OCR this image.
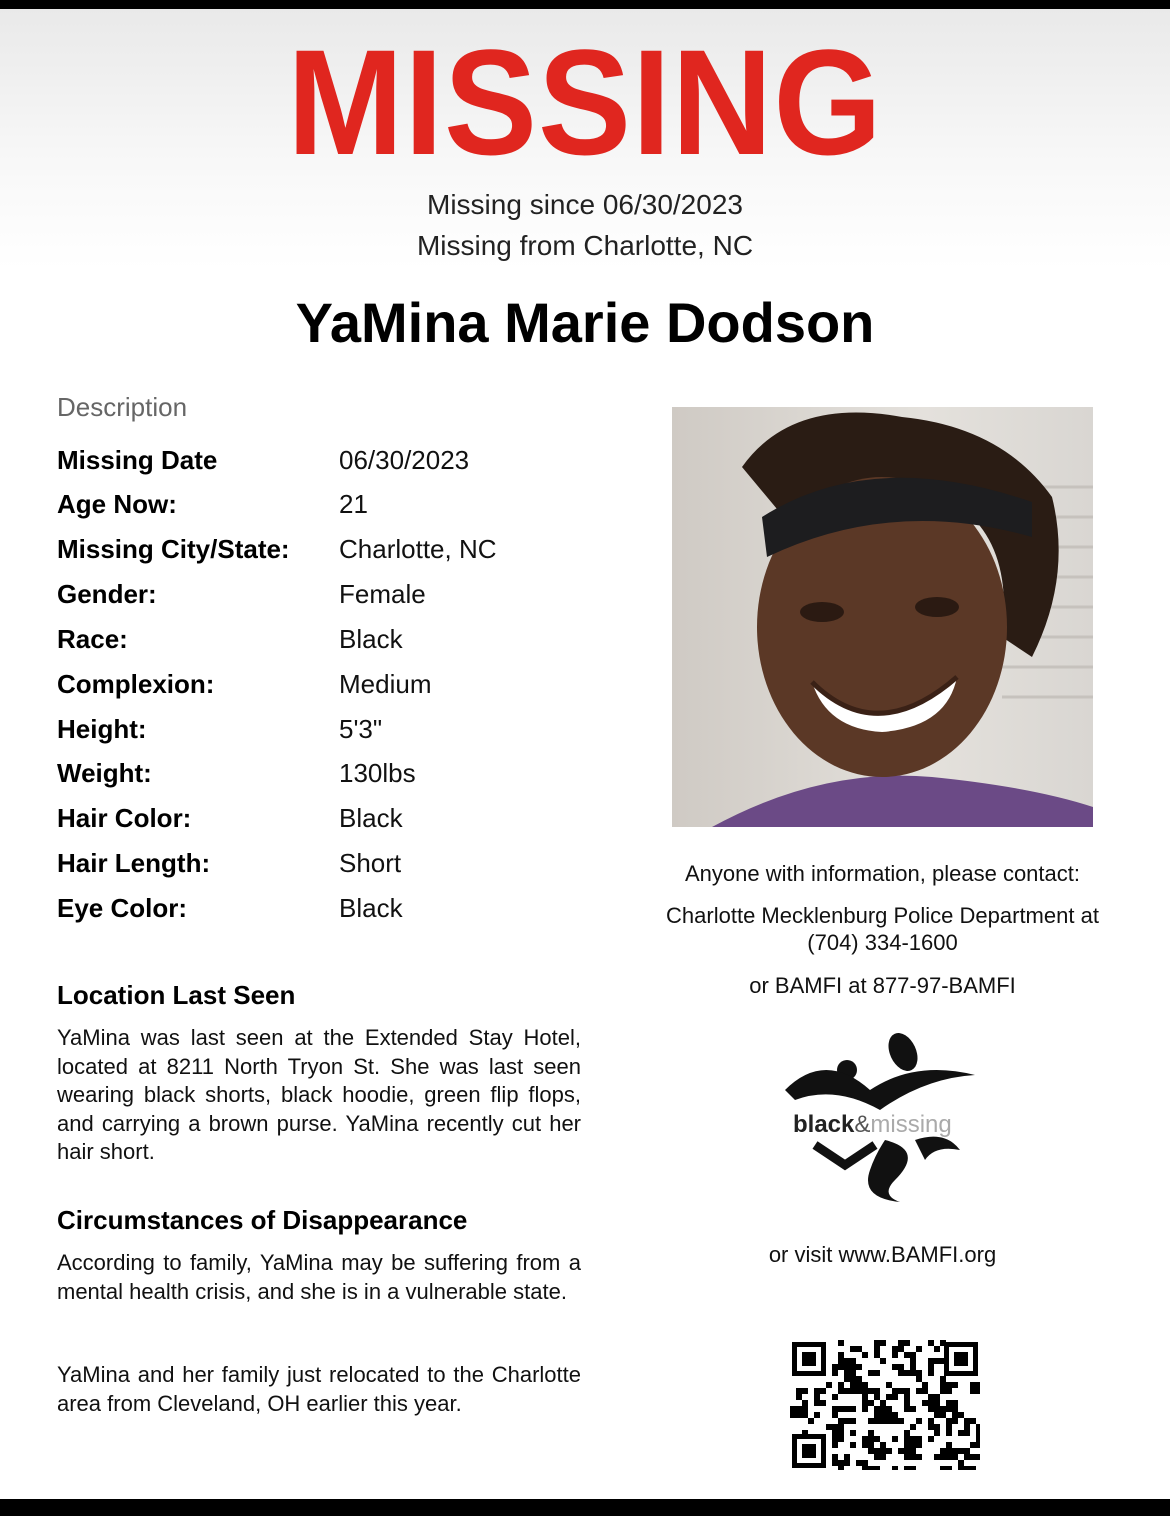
MISSING
Missing since 06/30/2023
Missing from Charlotte, NC
YaMina Marie Dodson
Description
Missing Date	06/30/2023
Age Now:	21
Missing City/State: Charlotte, NC
Gender:	Female
Race:	Black
Complexion:	Medium
Height:	5'3"
Weight:	130lbs
Hair Color:	Black
Hair Length:	Short
Eye Color:	Black
Location Last Seen
YaMina was last seen at the Extended Stay Hotel, located at 8211 North Tryon St. She was last seen wearing black shorts, black hoodie, green flip flops, and carrying a brown purse. YaMina recently cut her hair short.
Circumstances of Disappearance
According to family, YaMina may be suffering from a mental health crisis, and she is in a vulnerable state.
YaMina and her family just relocated to the Charlotte area from Cleveland, OH earlier this year.
Anyone with information, please contact:
Charlotte Mecklenburg Police Department at
(704) 334-1600
or BAMFI at 877-97-BAMFI
black&missing
or visit www.BAMFI.org
